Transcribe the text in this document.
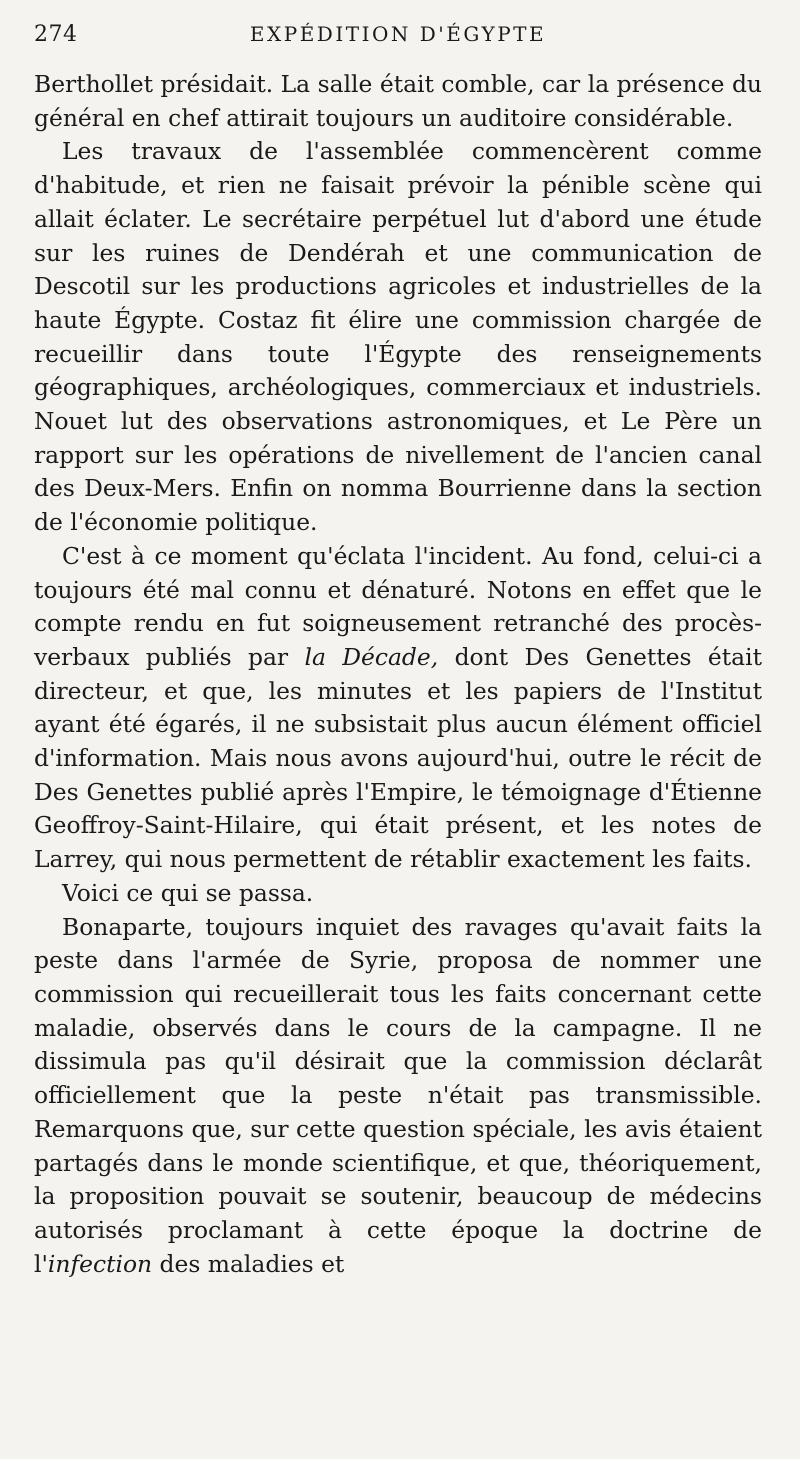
274	EXPÉDITION D'ÉGYPTE

Berthollet présidait. La salle était comble, car la présence du général en chef attirait toujours un auditoire considérable.

Les travaux de l'assemblée commencèrent comme d'habitude, et rien ne faisait prévoir la pénible scène qui allait éclater. Le secrétaire perpétuel lut d'abord une étude sur les ruines de Dendérah et une communication de Descotil sur les productions agricoles et industrielles de la haute Égypte. Costaz fit élire une commission chargée de recueillir dans toute l'Égypte des renseignements géographiques, archéologiques, commerciaux et industriels. Nouet lut des observations astronomiques, et Le Père un rapport sur les opérations de nivellement de l'ancien canal des Deux-Mers. Enfin on nomma Bourrienne dans la section de l'économie politique.

C'est à ce moment qu'éclata l'incident. Au fond, celui-ci a toujours été mal connu et dénaturé. Notons en effet que le compte rendu en fut soigneusement retranché des procès-verbaux publiés par la Décade, dont Des Genettes était directeur, et que, les minutes et les papiers de l'Institut ayant été égarés, il ne subsistait plus aucun élément officiel d'information. Mais nous avons aujourd'hui, outre le récit de Des Genettes publié après l'Empire, le témoignage d'Étienne Geoffroy-Saint-Hilaire, qui était présent, et les notes de Larrey, qui nous permettent de rétablir exactement les faits.

Voici ce qui se passa.

Bonaparte, toujours inquiet des ravages qu'avait faits la peste dans l'armée de Syrie, proposa de nommer une commission qui recueillerait tous les faits concernant cette maladie, observés dans le cours de la campagne. Il ne dissimula pas qu'il désirait que la commission déclarât officiellement que la peste n'était pas transmissible. Remarquons que, sur cette question spéciale, les avis étaient partagés dans le monde scientifique, et que, théoriquement, la proposition pouvait se soutenir, beaucoup de médecins autorisés proclamant à cette époque la doctrine de l'infection des maladies et
